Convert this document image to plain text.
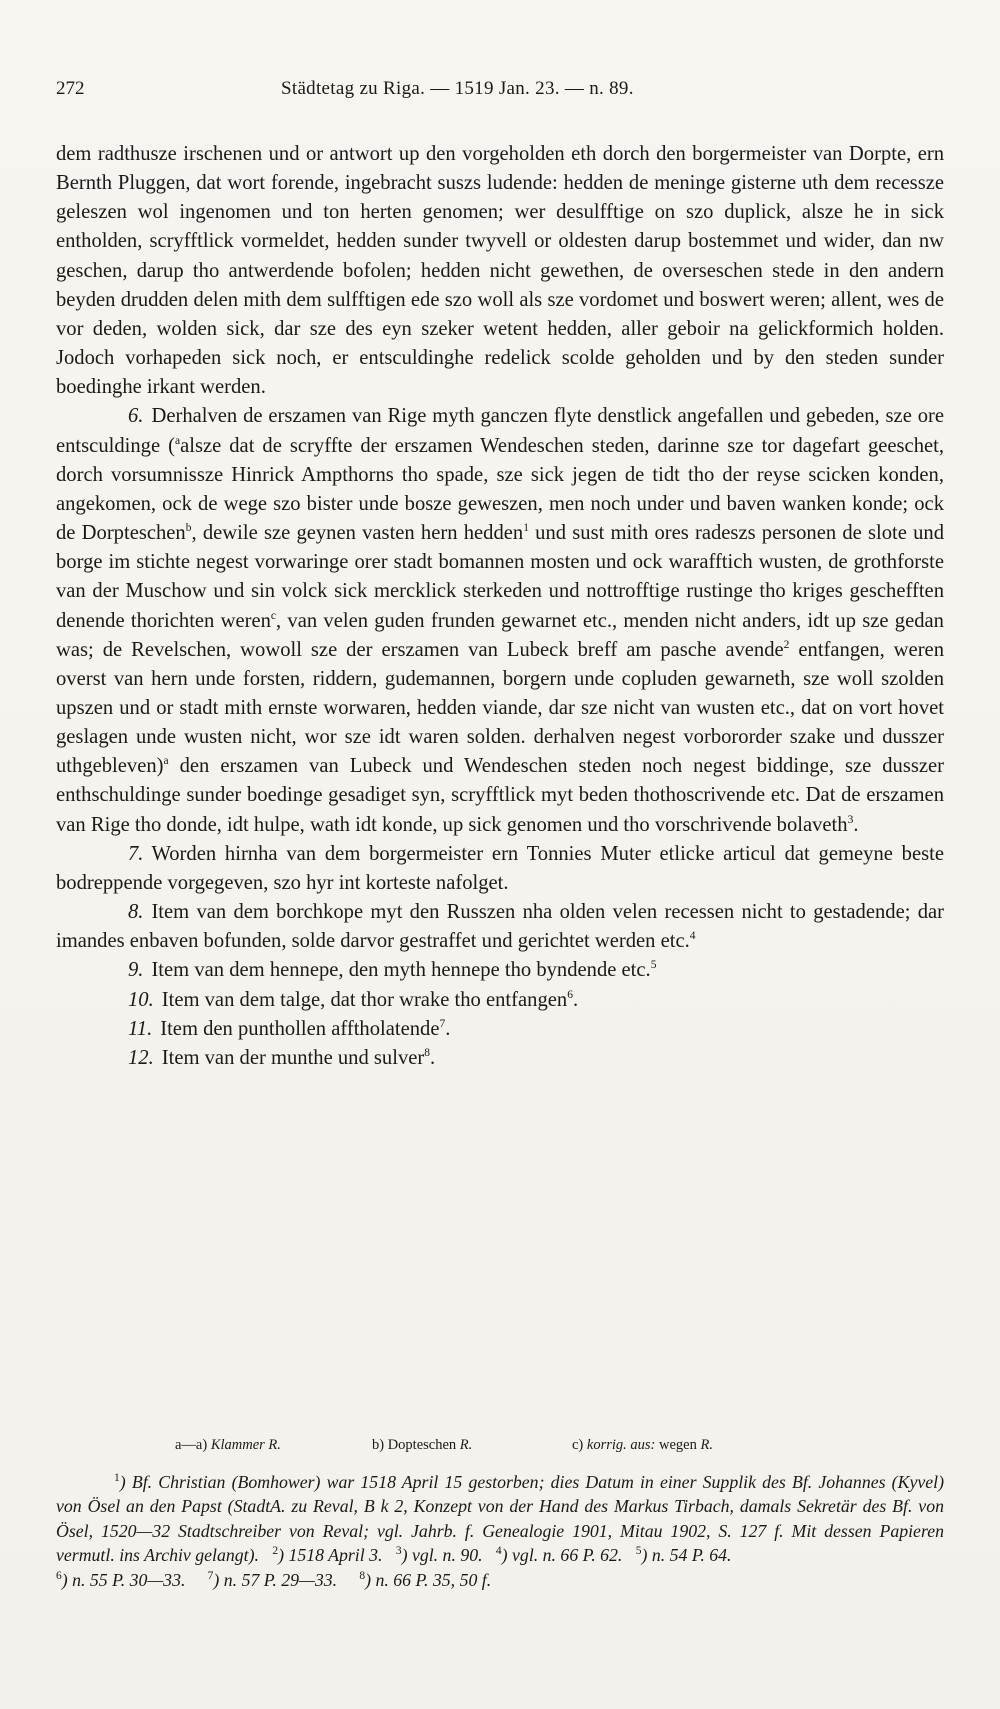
272	Städtetag zu Riga. — 1519 Jan. 23. — n. 89.

dem radthusze irschenen und or antwort up den vorgeholden eth dorch den borgermeister van Dorpte, ern Bernth Pluggen, dat wort forende, ingebracht suszs ludende: hedden de meninge gisterne uth dem recessze geleszen wol ingenomen und ton herten genomen; wer desulfftige on szo duplick, alsze he in sick entholden, scryfftlick vormeldet, hedden sunder twyvell or oldesten darup bostemmet und wider, dan nw geschen, darup tho antwerdende bofolen; hedden nicht gewethen, de overseschen stede in den andern beyden drudden delen mith dem sulfftigen ede szo woll als sze vordomet und boswert weren; allent, wes de vor deden, wolden sick, dar sze des eyn szeker wetent hedden, aller geboir na gelickformich holden. Jodoch vorhapeden sick noch, er entsculdinghe redelick scolde geholden und by den steden sunder boedinghe irkant werden.

6. Derhalven de erszamen van Rige myth ganczen flyte denstlick angefallen und gebeden, sze ore entsculdinge ($^a$alsze dat de scryffte der erszamen Wendeschen steden, darinne sze tor dagefart geeschet, dorch vorsumnissze Hinrick Ampthorns tho spade, sze sick jegen de tidt tho der reyse scicken konden, angekomen, ock de wege szo bister unde bosze geweszen, men noch under und baven wanken konde; ock de Dorpteschen$^b$, dewile sze geynen vasten hern hedden$^1$ und sust mith ores radeszs personen de slote und borge im stichte negest vorwaringe orer stadt bomannen mosten und ock warafftich wusten, de grothforste van der Muschow und sin volck sick mercklick sterkeden und nottrofftige rustinge tho kriges geschefften denende thorichten weren$^c$, van velen guden frunden gewarnet etc., menden nicht anders, idt up sze gedan was; de Revelschen, wowoll sze der erszamen van Lubeck breff am pasche avende$^2$ entfangen, weren overst van hern unde forsten, riddern, gudemannen, borgern unde copluden gewarneth, sze woll szolden upszen und or stadt mith ernste worwaren, hedden viande, dar sze nicht van wusten etc., dat on vort hovet geslagen unde wusten nicht, wor sze idt waren solden. derhalven negest vorbororder szake und dusszer uthgebleven)$^a$ den erszamen van Lubeck und Wendeschen steden noch negest biddinge, sze dusszer enthschuldinge sunder boedinge gesadiget syn, scryfftlick myt beden thothoscrivende etc. Dat de erszamen van Rige tho donde, idt hulpe, wath idt konde, up sick genomen und tho vorschrivende bolaveth$^3$.

7. Worden hirnha van dem borgermeister ern Tonnies Muter etlicke articul dat gemeyne beste bodreppende vorgegeven, szo hyr int korteste nafolget.

8. Item van dem borchkope myt den Russzen nha olden velen recessen nicht to gestadende; dar imandes enbaven bofunden, solde darvor gestraffet und gerichtet werden etc.$^4$

9. Item van dem hennepe, den myth hennepe tho byndende etc.$^5$

10. Item van dem talge, dat thor wrake tho entfangen$^6$.

11. Item den punthollen afftholatende$^7$.

12. Item van der munthe und sulver$^8$.

a—a) Klammer R.	b) Dopteschen R.	c) korrig. aus: wegen R.

$^1$) Bf. Christian (Bomhower) war 1518 April 15 gestorben; dies Datum in einer Supplik des Bf. Johannes (Kyvel) von Ösel an den Papst (StadtA. zu Reval, B k 2, Konzept von der Hand des Markus Tirbach, damals Sekretär des Bf. von Ösel, 1520—32 Stadtschreiber von Reval; vgl. Jahrb. f. Genealogie 1901, Mitau 1902, S. 127 f. Mit dessen Papieren vermutl. ins Archiv gelangt). $^2$) 1518 April 3. $^3$) vgl. n. 90. $^4$) vgl. n. 66 P. 62. $^5$) n. 54 P. 64.

$^6$) n. 55 P. 30—33. $^7$) n. 57 P. 29—33. $^8$) n. 66 P. 35, 50 f.
